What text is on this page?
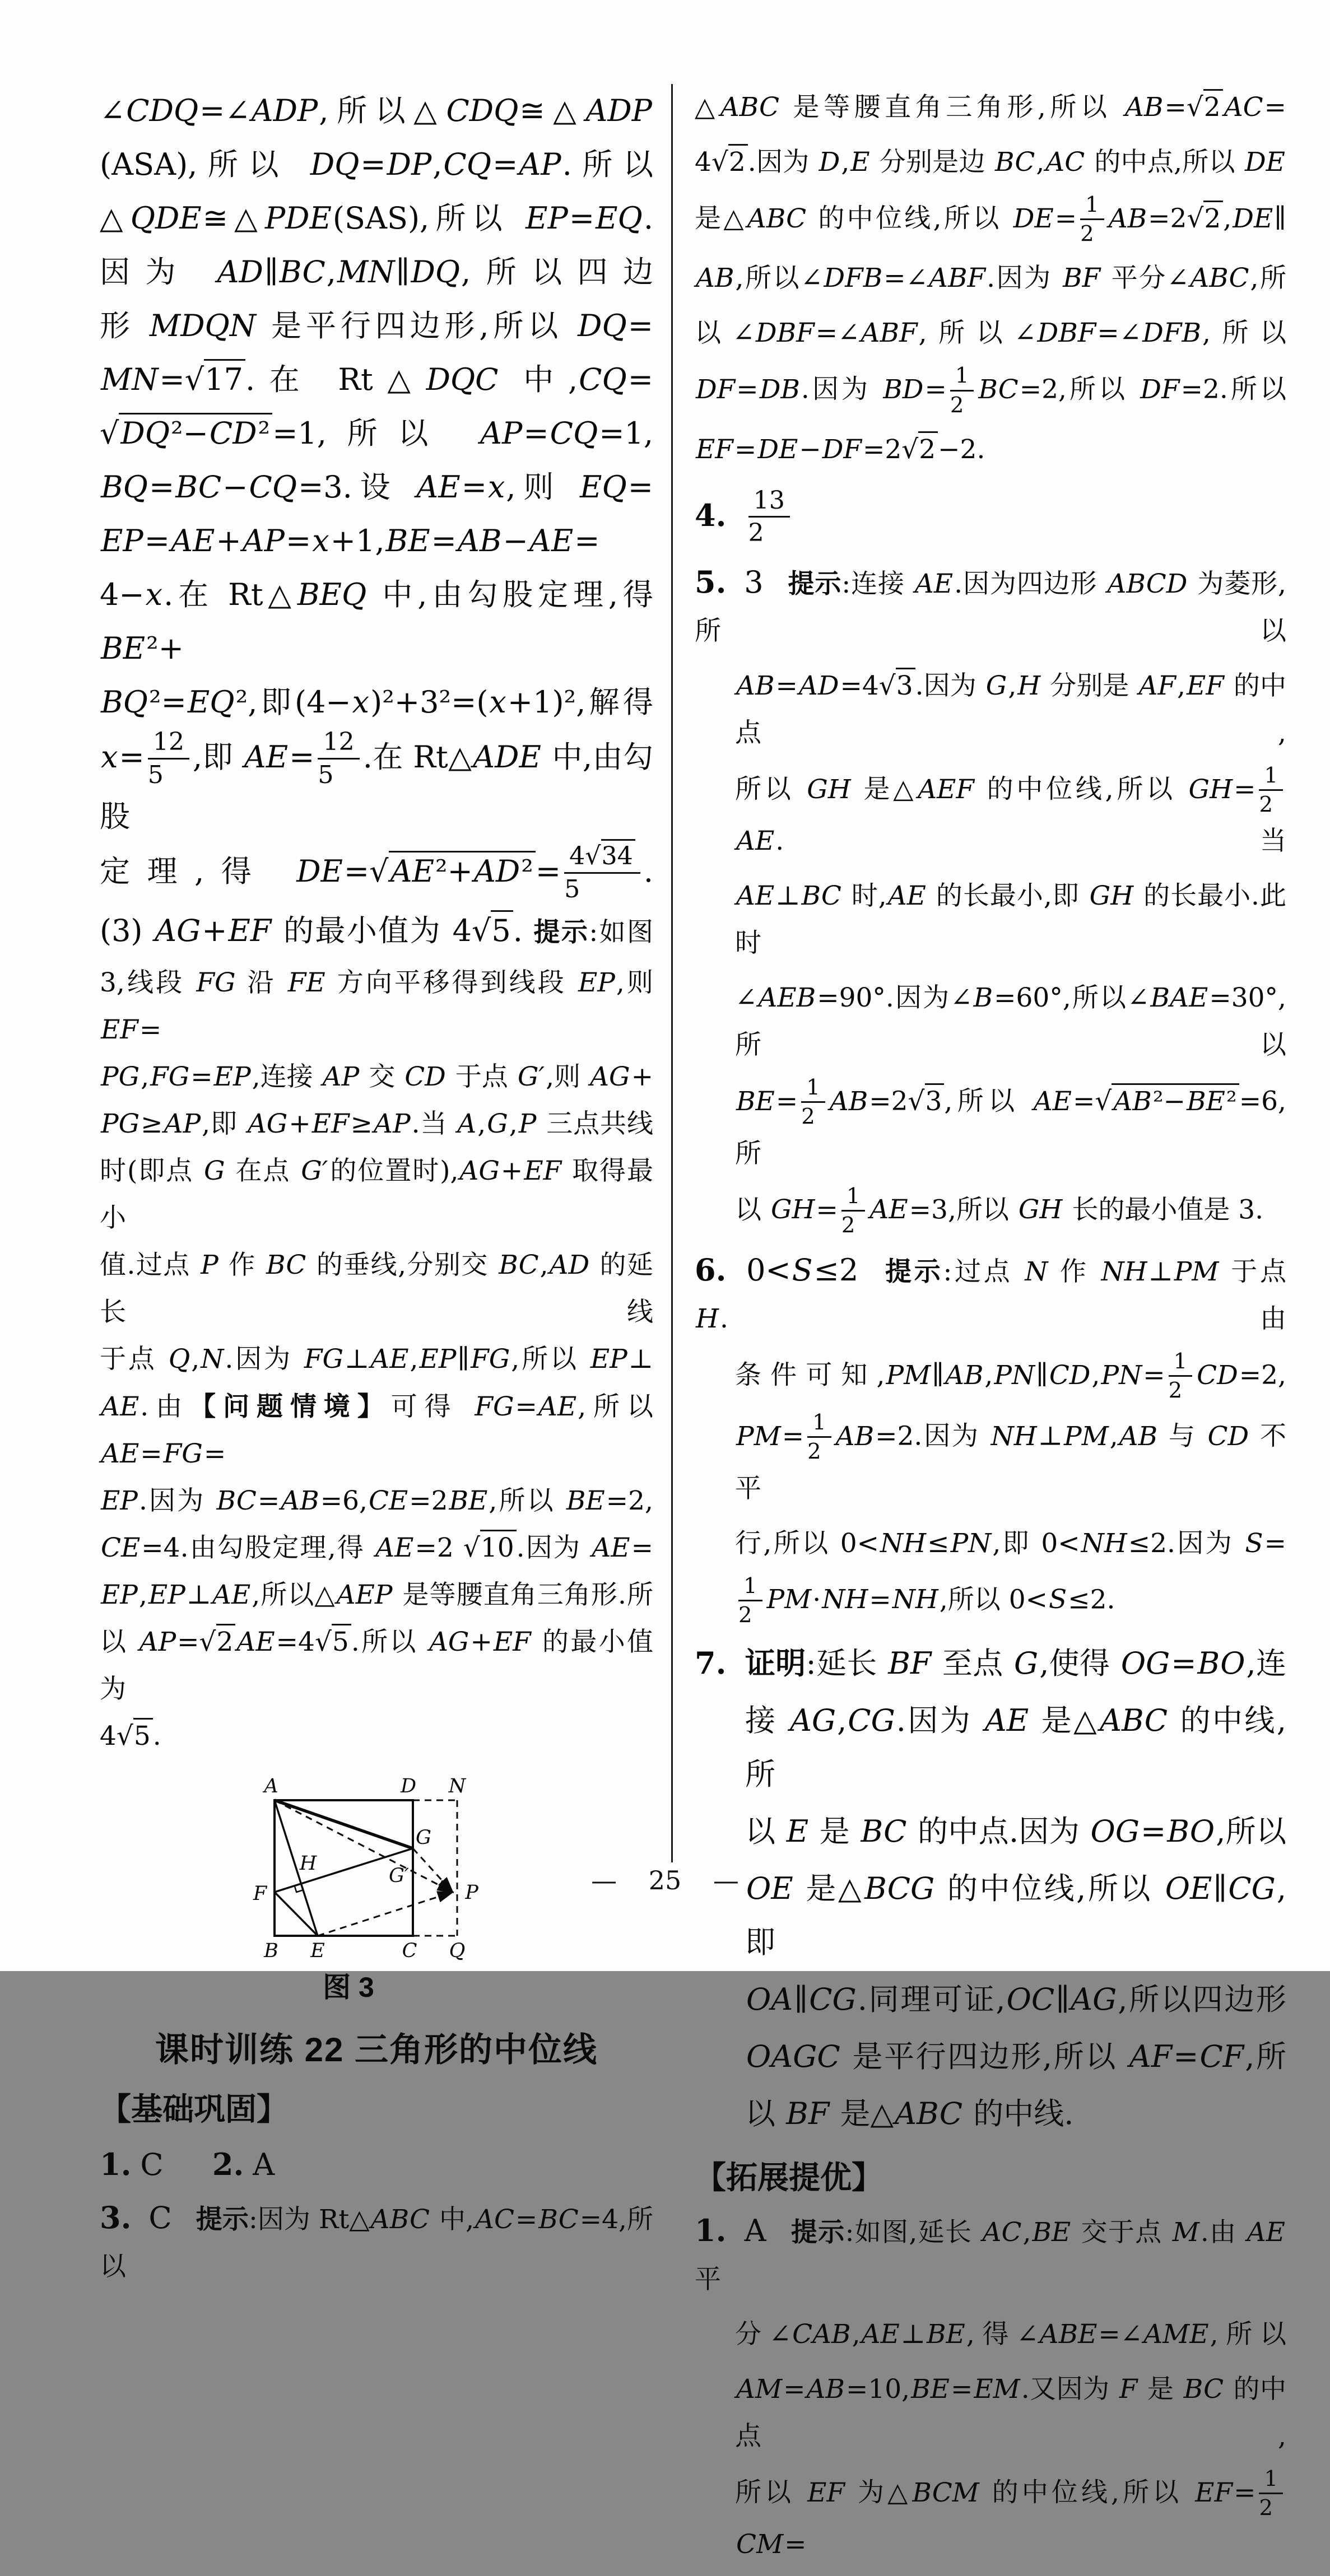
∠CDQ=∠ADP,所以△CDQ≅△ADP
(ASA),所以 DQ=DP,CQ=AP.所以
△QDE≅△PDE(SAS),所以 EP=EQ.
因为 AD∥BC,MN∥DQ,所以四边
形 MDQN 是平行四边形,所以 DQ=
MN=√17.在 Rt△DQC 中,CQ=
√DQ²−CD²=1,所以 AP=CQ=1,
BQ=BC−CQ=3.设 AE=x,则 EQ=
EP=AE+AP=x+1,BE=AB−AE=
4−x.在 Rt△BEQ 中,由勾股定理,得 BE²+
BQ²=EQ²,即(4−x)²+3²=(x+1)²,解得
$x= \frac{12}{5}$ ,即 $AE= \frac{12}{5}$ .在 Rt△ADE 中,由勾股
定理,得 $DE=√AE^2+AD^2= \frac{4√34}{5}$ .
(3) AG+EF 的最小值为 4√5. 提示:如图
3,线段 FG 沿 FE 方向平移得到线段 EP,则 EF=
PG,FG=EP,连接 AP 交 CD 于点 G′,则 AG+
PG≥AP,即 AG+EF≥AP.当 A,G,P 三点共线
时(即点 G 在点 G′的位置时),AG+EF 取得最小
值.过点 P 作 BC 的垂线,分别交 BC,AD 的延长线
于点 Q,N.因为 FG⊥AE,EP∥FG,所以 EP⊥
AE.由【问题情境】可得 FG=AE,所以 AE=FG=
EP.因为 BC=AB=6,CE=2BE,所以 BE=2,
CE=4.由勾股定理,得 AE=2 √10.因为 AE=
EP,EP⊥AE,所以△AEP 是等腰直角三角形.所
以 AP=√2 AE=4√5.所以 AG+EF 的最小值为
4√5.
A	D N
G
H
G′
F	P
B E	C Q
图 3
课时训练 22 三角形的中位线
【基础巩固】
1. C 2. A
3. C 提示:因为 Rt△ABC 中,AC=BC=4,所以
△ABC 是等腰直角三角形,所以 AB=√2 AC=
4√2.因为 D,E 分别是边 BC,AC 的中点,所以 DE
是△ABC 的中位线,所以 $DE= \frac{1}{2}$ AB=2√2,DE∥
AB,所以∠DFB=∠ABF.因为 BF 平分∠ABC,所
以∠DBF=∠ABF,所以∠DBF=∠DFB,所以
DF=DB.因为 $BD= \frac{1}{2} BC=2$,所以 DF=2.所以
EF=DE−DF=2√2−2.
4. $\frac{13}{2}$
5. 3 提示:连接 AE.因为四边形 ABCD 为菱形,所以
AB=AD=4√3.因为 G,H 分别是 AF,EF 的中点,
所以 GH 是△AEF 的中位线,所以 $GH= \frac{1}{2}$
AE.当
AE⊥BC 时,AE 的长最小,即 GH 的长最小.此时
∠AEB=90°.因为∠B=60°,所以∠BAE=30°,所以
$BE= \frac{1}{2} AB=2√3$,所以 AE=√AB²−BE²=6,所
以 $GH= \frac{1}{2} AE=3$,所以 GH 长的最小值是 3.
6. 0<S≤2 提示:过点 N 作 NH⊥PM 于点 H.由
条件可知,PM∥AB,PN∥CD,PN= $\frac{1}{2} CD=2$,
$PM= \frac{1}{2} AB=2$.因为 NH⊥PM,AB 与 CD 不平
行,所以 0<NH≤PN,即 0<NH≤2.因为 S=
$\frac{1}{2} PM\cdot NH=NH$,所以 0<S≤2.
7. 证明:延长 BF 至点 G,使得 OG=BO,连
接 AG,CG.因为 AE 是△ABC 的中线,所
以 E 是 BC 的中点.因为 OG=BO,所以
OE 是△BCG 的中位线,所以 OE∥CG,即
OA∥CG.同理可证,OC∥AG,所以四边形
OAGC 是平行四边形,所以 AF=CF,所
以 BF 是△ABC 的中线.
【拓展提优】
1. A 提示:如图,延长 AC,BE 交于点 M.由 AE 平
分∠CAB,AE⊥BE,得∠ABE=∠AME,所以
AM=AB=10,BE=EM.又因为 F 是 BC 的中点,
所以 EF 为△BCM 的中位线,所以 $EF= \frac{1}{2}$
CM=
— 25 —
